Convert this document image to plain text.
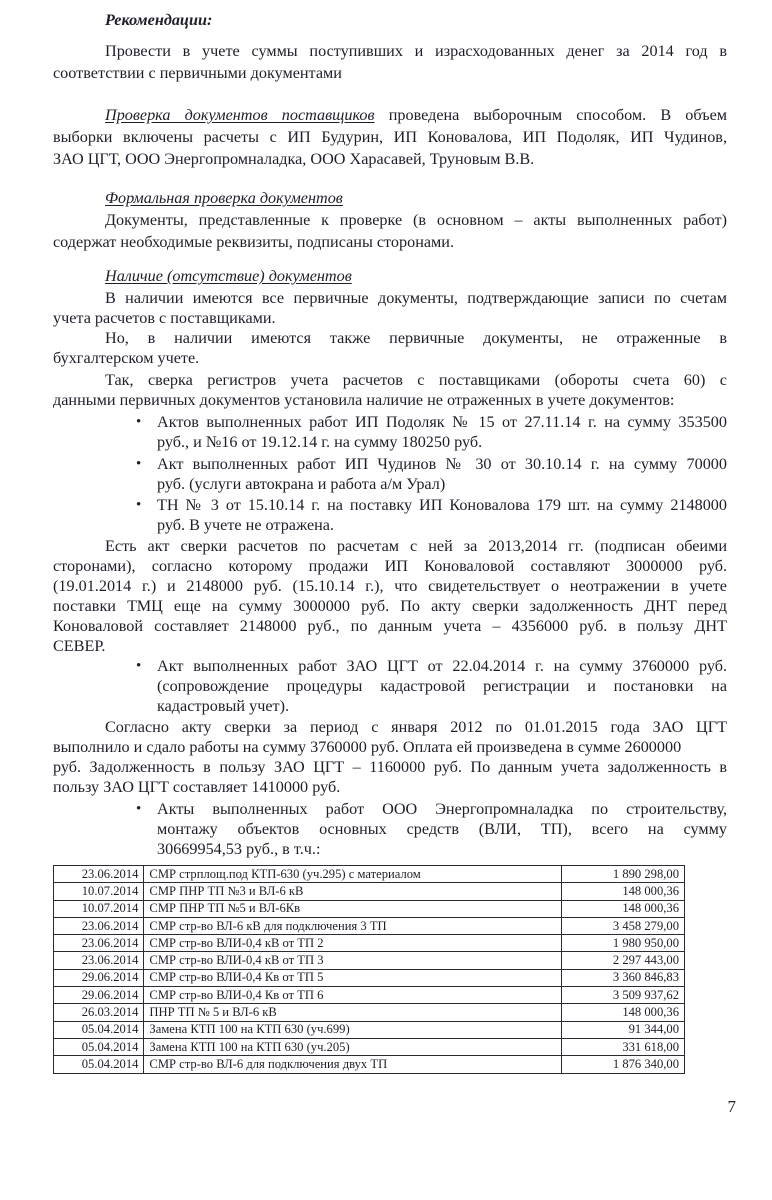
Рекомендации:
Провести в учете суммы поступивших и израсходованных денег за 2014 год в
соответствии с первичными документами
Проверка документов поставщиков проведена выборочным способом. В объем
выборки включены расчеты с ИП Будурин, ИП Коновалова, ИП Подоляк, ИП Чудинов,
ЗАО ЦГТ, ООО Энергопромналадка, ООО Харасавей, Труновым В.В.
Формальная проверка документов
Документы, представленные к проверке (в основном – акты выполненных работ)
содержат необходимые реквизиты, подписаны сторонами.
Наличие (отсутствие) документов
В наличии имеются все первичные документы, подтверждающие записи по счетам
учета расчетов с поставщиками.
Но, в наличии имеются также первичные документы, не отраженные в
бухгалтерском учете.
Так, сверка регистров учета расчетов с поставщиками (обороты счета 60) с
данными первичных документов установила наличие не отраженных в учете документов:
• Актов выполненных работ ИП Подоляк № 15 от 27.11.14 г. на сумму 353500
руб., и №16 от 19.12.14 г. на сумму 180250 руб.
• Акт выполненных работ ИП Чудинов № 30 от 30.10.14 г. на сумму 70000
руб. (услуги автокрана и работа а/м Урал)
• ТН № 3 от 15.10.14 г. на поставку ИП Коновалова 179 шт. на сумму 2148000
руб. В учете не отражена.
Есть акт сверки расчетов по расчетам с ней за 2013,2014 гг. (подписан обеими
сторонами), согласно которому продажи ИП Коноваловой составляют 3000000 руб.
(19.01.2014 г.) и 2148000 руб. (15.10.14 г.), что свидетельствует о неотражении в учете
поставки ТМЦ еще на сумму 3000000 руб. По акту сверки задолженность ДНТ перед
Коноваловой составляет 2148000 руб., по данным учета – 4356000 руб. в пользу ДНТ
СЕВЕР.
• Акт выполненных работ ЗАО ЦГТ от 22.04.2014 г. на сумму 3760000 руб.
(сопровождение процедуры кадастровой регистрации и постановки на
кадастровый учет).
Согласно акту сверки за период с января 2012 по 01.01.2015 года ЗАО ЦГТ
выполнило и сдало работы на сумму 3760000 руб. Оплата ей произведена в сумме 2600000
руб. Задолженность в пользу ЗАО ЦГТ – 1160000 руб. По данным учета задолженность в
пользу ЗАО ЦГТ составляет 1410000 руб.
• Акты выполненных работ ООО Энергопромналадка по строительству,
монтажу объектов основных средств (ВЛИ, ТП), всего на сумму
30669954,53 руб., в т.ч.:
23.06.2014	СМР стрплощ.под КТП-630 (уч.295) с материалом	1 890 298,00
10.07.2014	СМР ПНР ТП №3 и ВЛ-6 кВ	148 000,36
10.07.2014	СМР ПНР ТП №5 и ВЛ-6Кв	148 000,36
23.06.2014	СМР стр-во ВЛ-6 кВ для подключения 3 ТП	3 458 279,00
23.06.2014	СМР стр-во ВЛИ-0,4 кВ от ТП 2	1 980 950,00
23.06.2014	СМР стр-во ВЛИ-0,4 кВ от ТП 3	2 297 443,00
29.06.2014	СМР стр-во ВЛИ-0,4 Кв от ТП 5	3 360 846,83
29.06.2014	СМР стр-во ВЛИ-0,4 Кв от ТП 6	3 509 937,62
26.03.2014	ПНР ТП № 5 и ВЛ-6 кВ	148 000,36
05.04.2014	Замена КТП 100 на КТП 630 (уч.699)	91 344,00
05.04.2014	Замена КТП 100 на КТП 630 (уч.205)	331 618,00
05.04.2014	СМР стр-во ВЛ-6 для подключения двух ТП	1 876 340,00
7
